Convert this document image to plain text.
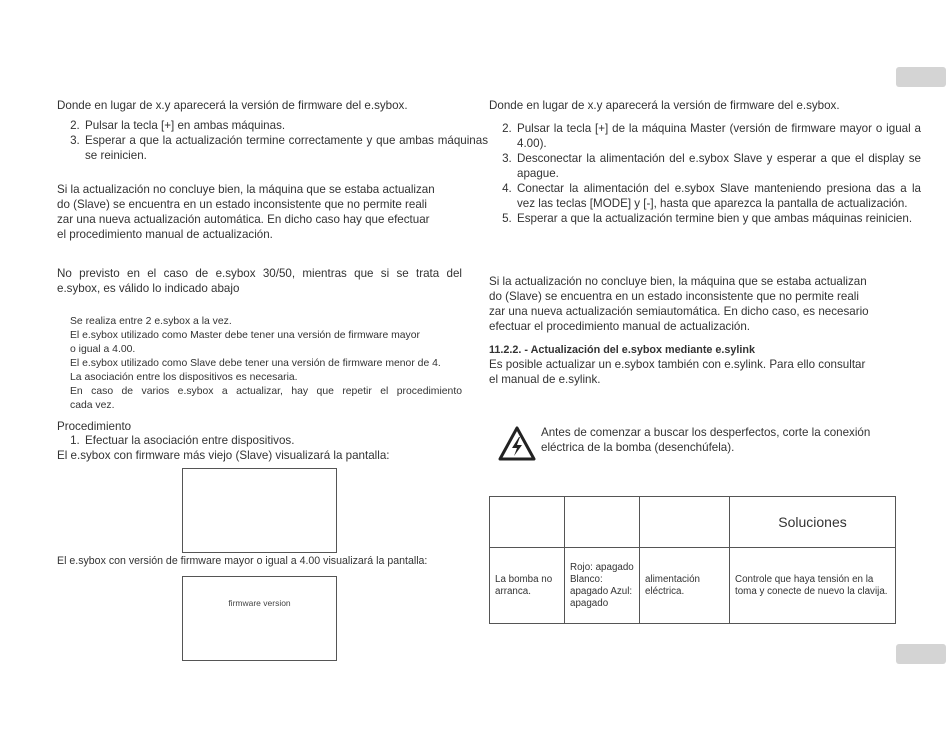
Donde en lugar de x.y aparecerá la versión de firmware del e.sybox.
2. Pulsar la tecla [+] en ambas máquinas.
3. Esperar a que la actualización termine correctamente y que ambas máquinas se reinicien.
Si la actualización no concluye bien, la máquina que se estaba actualizan
do (Slave) se encuentra en un estado inconsistente que no permite reali
zar una nueva actualización automática. En dicho caso hay que efectuar
el procedimiento manual de actualización.
No previsto en el caso de e.sybox 30/50, mientras que si se trata del
e.sybox, es válido lo indicado abajo
Se realiza entre 2 e.sybox a la vez.
El e.sybox utilizado como Master debe tener una versión de firmware mayor
o igual a 4.00.
El e.sybox utilizado como Slave debe tener una versión de firmware menor de 4.
La asociación entre los dispositivos es necesaria.
En caso de varios e.sybox a actualizar, hay que repetir el procedimiento
cada vez.
Procedimiento
1. Efectuar la asociación entre dispositivos.
El e.sybox con firmware más viejo (Slave) visualizará la pantalla:
El e.sybox con versión de firmware mayor o igual a 4.00 visualizará la pantalla:
firmware version
Donde en lugar de x.y aparecerá la versión de firmware del e.sybox.
2. Pulsar la tecla [+] de la máquina Master (versión de firmware mayor o igual a 4.00).
3. Desconectar la alimentación del e.sybox Slave y esperar a que el display se apague.
4. Conectar la alimentación del e.sybox Slave manteniendo presiona das a la vez las teclas [MODE] y [-], hasta que aparezca la pantalla de actualización.
5. Esperar a que la actualización termine bien y que ambas máquinas reinicien.
Si la actualización no concluye bien, la máquina que se estaba actualizan
do (Slave) se encuentra en un estado inconsistente que no permite reali
zar una nueva actualización semiautomática. En dicho caso, es necesario
efectuar el procedimiento manual de actualización.
11.2.2. - Actualización del e.sybox mediante e.sylink
Es posible actualizar un e.sybox también con e.sylink. Para ello consultar
el manual de e.sylink.
Antes de comenzar a buscar los desperfectos, corte la conexión
eléctrica de la bomba (desenchúfela).
			Soluciones
La bomba no arranca.	Rojo: apagado Blanco: apagado Azul: apagado	alimentación eléctrica.	Controle que haya tensión en la toma y conecte de nuevo la clavija.
